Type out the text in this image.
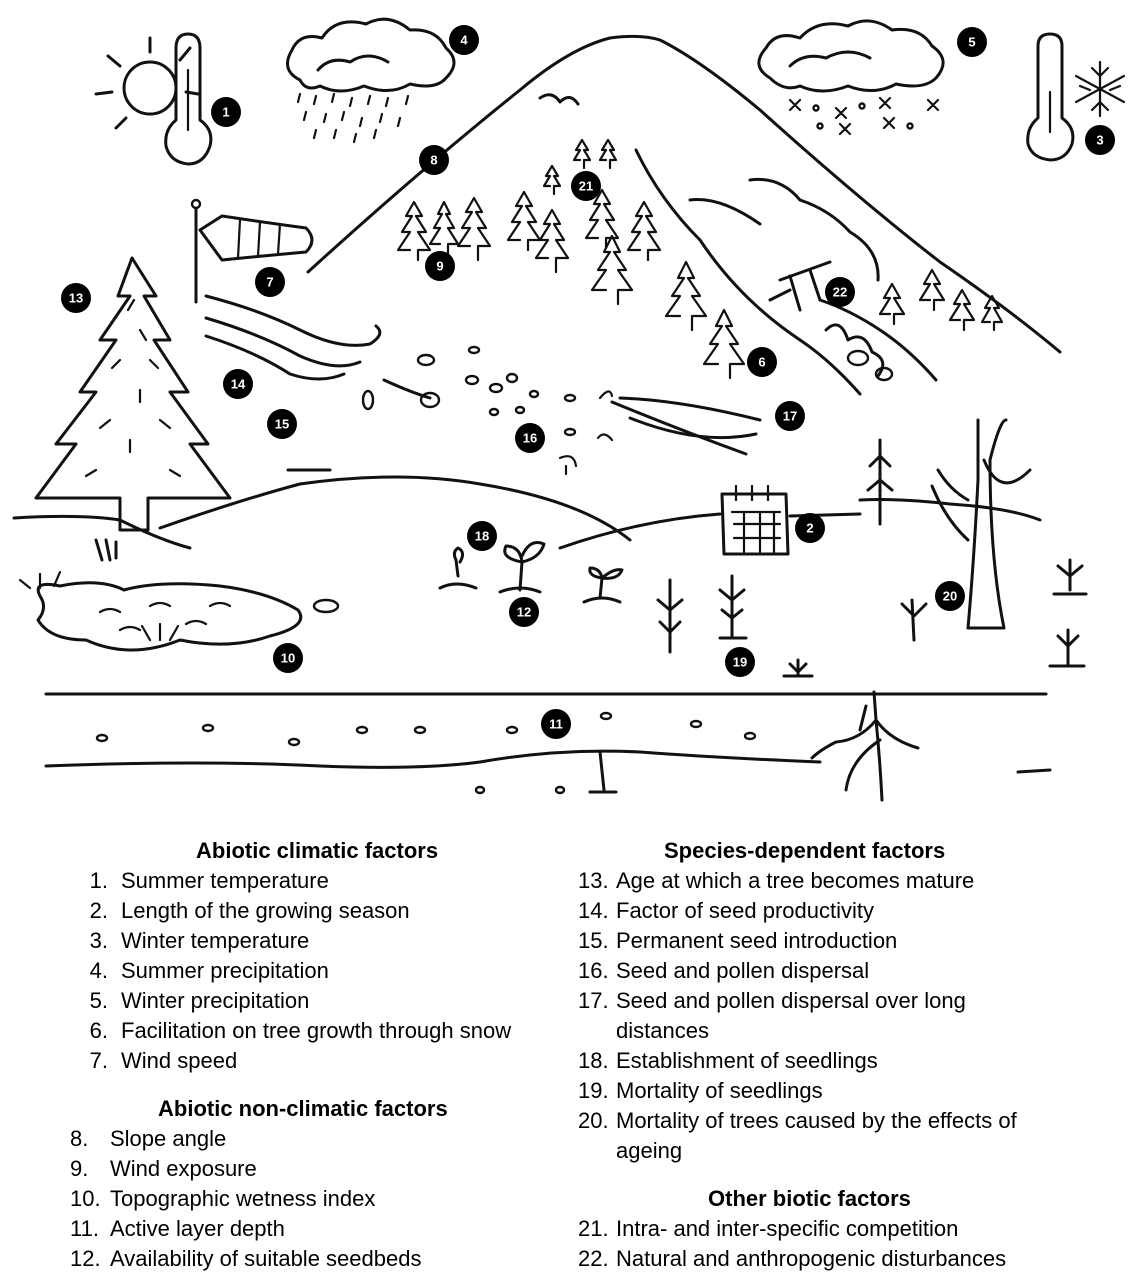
1
2
3
4	5
6
7
8
9
10
11
12
13
14
15
16
17
18
19
20
21
22
Abiotic climatic factors
1. Summer temperature
2. Length of the growing season
3. Winter temperature
4. Summer precipitation
5. Winter precipitation
6. Facilitation on tree growth through snow
7. Wind speed
Abiotic non-climatic factors
8. Slope angle
9. Wind exposure
10. Topographic wetness index
11. Active layer depth
12. Availability of suitable seedbeds
Species-dependent factors
13. Age at which a tree becomes mature
14. Factor of seed productivity
15. Permanent seed introduction
16. Seed and pollen dispersal
17. Seed and pollen dispersal over long distances
18. Establishment of seedlings
19. Mortality of seedlings
20. Mortality of trees caused by the effects of ageing
Other biotic factors
21. Intra- and inter-specific competition
22. Natural and anthropogenic disturbances
